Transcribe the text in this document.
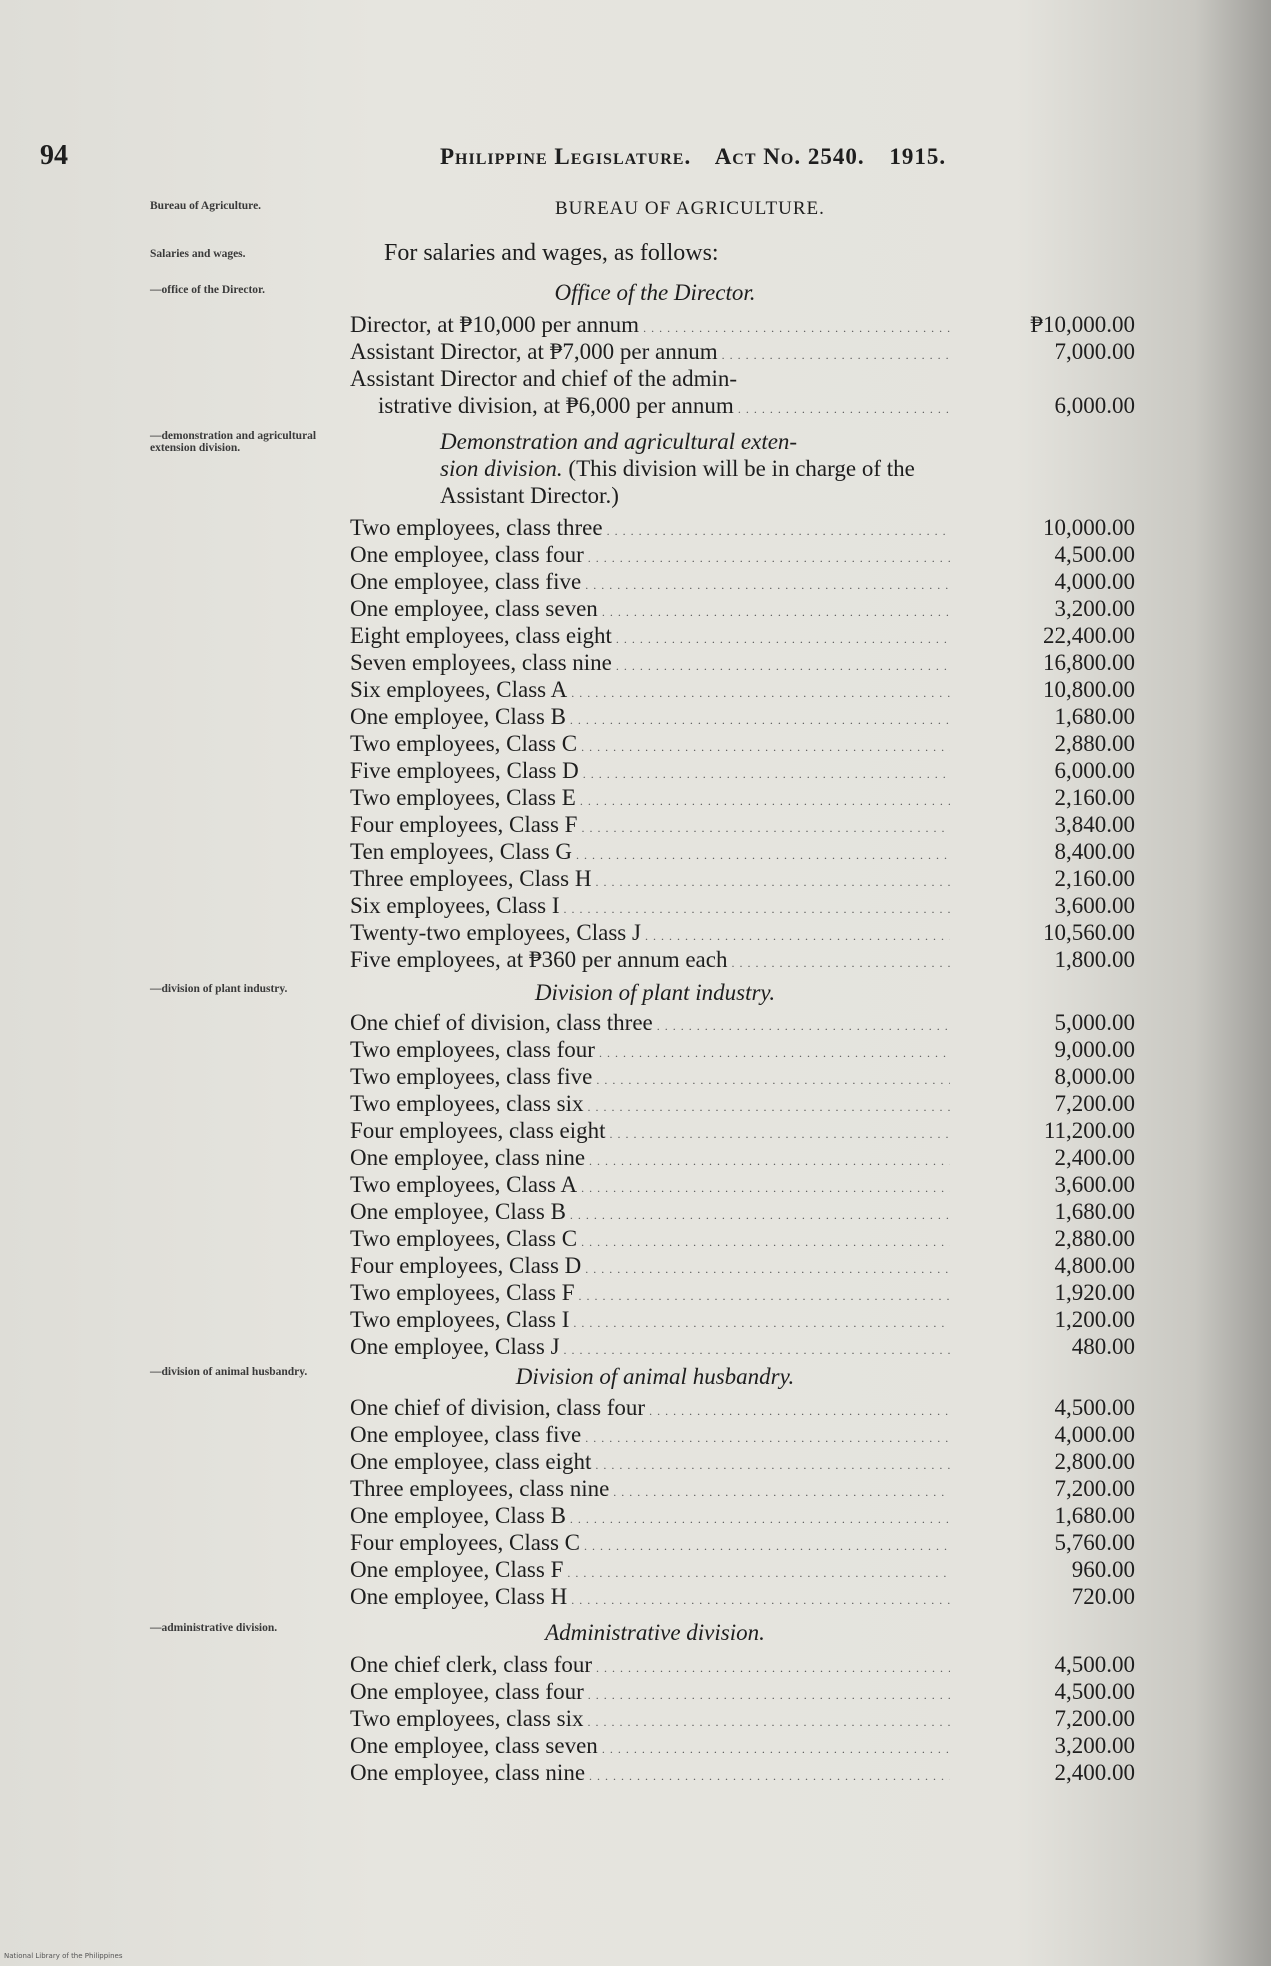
94	Philippine Legislature. Act No. 2540. 1915.
Bureau of Agriculture.
Salaries and wages.
—office of the Director.
—demonstration and agricultural extension division.
—division of plant industry.
—division of animal husbandry.
—administrative division.
BUREAU OF AGRICULTURE.
For salaries and wages, as follows:
Office of the Director.
Director, at ₱10,000 per annum . . .	₱10,000.00
Assistant Director, at ₱7,000 per annum . . .	7,000.00
Assistant Director and chief of the admin-
istrative division, at ₱6,000 per annum . . .	6,000.00
Demonstration and agricultural exten-
sion division. (This division will be in charge of the Assistant Director.)
Two employees, class three . . .	10,000.00
One employee, class four . . .	4,500.00
One employee, class five . . .	4,000.00
One employee, class seven . . .	3,200.00
Eight employees, class eight . . .	22,400.00
Seven employees, class nine . . .	16,800.00
Six employees, Class A . . .	10,800.00
One employee, Class B . . .	1,680.00
Two employees, Class C . . .	2,880.00
Five employees, Class D . . .	6,000.00
Two employees, Class E . . .	2,160.00
Four employees, Class F . . .	3,840.00
Ten employees, Class G . . .	8,400.00
Three employees, Class H . . .	2,160.00
Six employees, Class I . . .	3,600.00
Twenty-two employees, Class J . . .	10,560.00
Five employees, at ₱360 per annum each . . .	1,800.00
Division of plant industry.
One chief of division, class three . . .	5,000.00
Two employees, class four . . .	9,000.00
Two employees, class five . . .	8,000.00
Two employees, class six . . .	7,200.00
Four employees, class eight . . .	11,200.00
One employee, class nine . . .	2,400.00
Two employees, Class A . . .	3,600.00
One employee, Class B . . .	1,680.00
Two employees, Class C . . .	2,880.00
Four employees, Class D . . .	4,800.00
Two employees, Class F . . .	1,920.00
Two employees, Class I . . .	1,200.00
One employee, Class J . . .	480.00
Division of animal husbandry.
One chief of division, class four . . .	4,500.00
One employee, class five . . .	4,000.00
One employee, class eight . . .	2,800.00
Three employees, class nine . . .	7,200.00
One employee, Class B . . .	1,680.00
Four employees, Class C . . .	5,760.00
One employee, Class F . . .	960.00
One employee, Class H . . .	720.00
Administrative division.
One chief clerk, class four . . .	4,500.00
One employee, class four . . .	4,500.00
Two employees, class six . . .	7,200.00
One employee, class seven . . .	3,200.00
One employee, class nine . . .	2,400.00
National Library of the Philippines
